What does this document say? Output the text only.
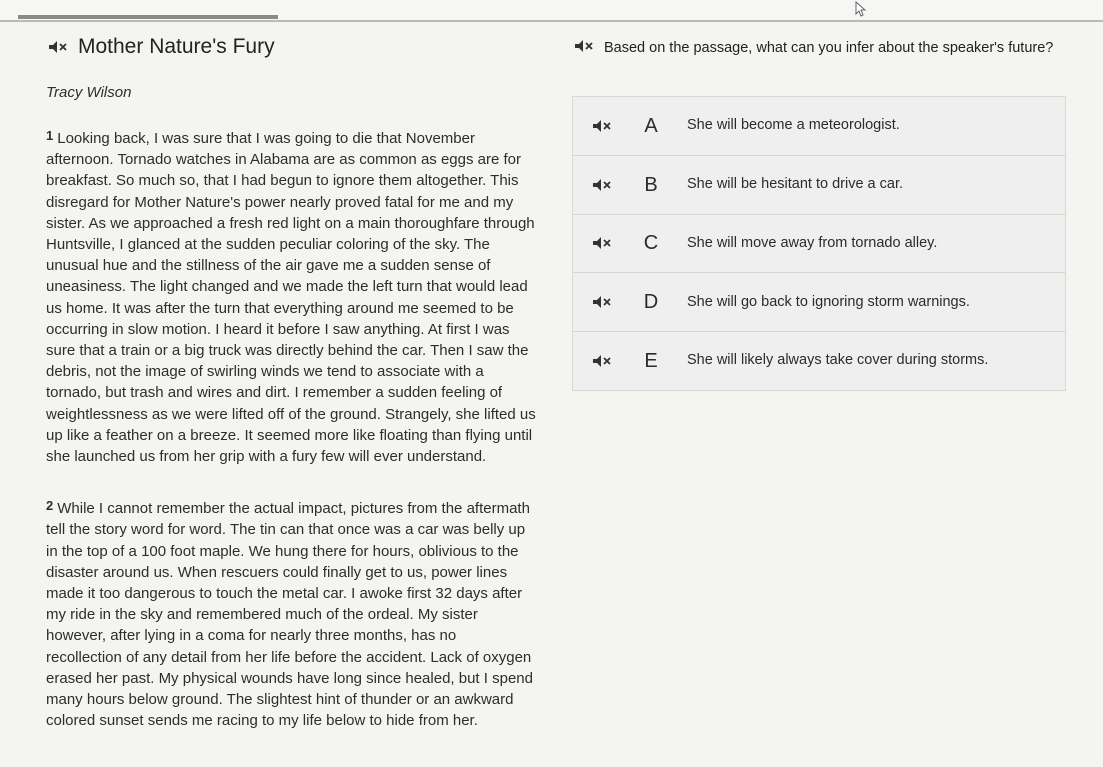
Mother Nature's Fury
Tracy Wilson

$^1$ Looking back, I was sure that I was going to die that November afternoon. Tornado watches in Alabama are as common as eggs are for breakfast. So much so, that I had begun to ignore them altogether. This disregard for Mother Nature's power nearly proved fatal for me and my sister. As we approached a fresh red light on a main thoroughfare through Huntsville, I glanced at the sudden peculiar coloring of the sky. The unusual hue and the stillness of the air gave me a sudden sense of uneasiness. The light changed and we made the left turn that would lead us home. It was after the turn that everything around me seemed to be occurring in slow motion. I heard it before I saw anything. At first I was sure that a train or a big truck was directly behind the car. Then I saw the debris, not the image of swirling winds we tend to associate with a tornado, but trash and wires and dirt. I remember a sudden feeling of weightlessness as we were lifted off of the ground. Strangely, she lifted us up like a feather on a breeze. It seemed more like floating than flying until she launched us from her grip with a fury few will ever understand.

$^2$ While I cannot remember the actual impact, pictures from the aftermath tell the story word for word. The tin can that once was a car was belly up in the top of a 100 foot maple. We hung there for hours, oblivious to the disaster around us. When rescuers could finally get to us, power lines made it too dangerous to touch the metal car. I awoke first 32 days after my ride in the sky and remembered much of the ordeal. My sister however, after lying in a coma for nearly three months, has no recollection of any detail from her life before the accident. Lack of oxygen erased her past. My physical wounds have long since healed, but I spend many hours below ground. The slightest hint of thunder or an awkward colored sunset sends me racing to my life below to hide from her.

Based on the passage, what can you infer about the speaker's future?
A	She will become a meteorologist.
B	She will be hesitant to drive a car.
C	She will move away from tornado alley.
D	She will go back to ignoring storm warnings.
E	She will likely always take cover during storms.
